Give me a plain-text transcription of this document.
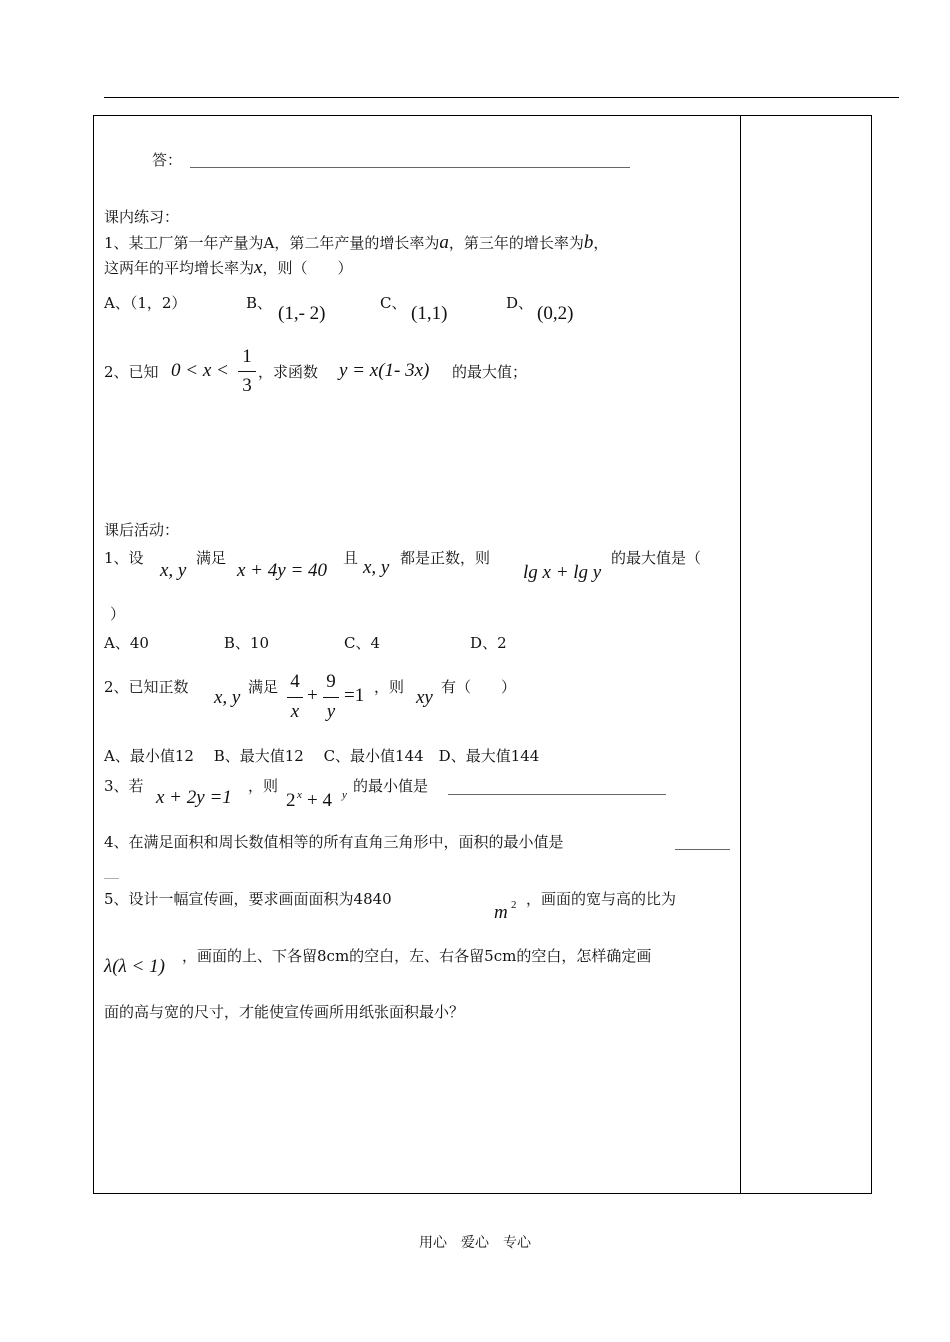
答：
课内练习：
1、某工厂第一年产量为A，第二年产量的增长率为a，第三年的增长率为b，
这两年的平均增长率为x，则（　　）
A、（1，2）	B、 (1,- 2)	C、 (1,1)	D、 (0,2)
2、已知 0 < x <
1
3
，求函数 y = x(1- 3x) 的最大值；
课后活动：
1、设
x, y
满足
x + 4y = 40
且 x, y 都是正数，则
lg x + lg y
的最大值是（
）
A、40　　　　　B、10　　　　　C、4　　　　　　D、2
2、已知正数 x, y 满足 4
x
+
9
y
=1 ，则 xy 有（　　）
A、最小值12　 B、最大值12　 C、最小值144　D、最大值144
3、若
x + 2y =1
，则
2 x + 4 y 的最小值是
4、在满足面积和周长数值相等的所有直角三角形中，面积的最小值是
__
5、设计一幅宣传画，要求画面面积为4840
m 2 ，画面的宽与高的比为
λ(λ < 1) ，画面的上、下各留8cm的空白，左、右各留5cm的空白，怎样确定画
面的高与宽的尺寸，才能使宣传画所用纸张面积最小？
用心　爱心　专心
